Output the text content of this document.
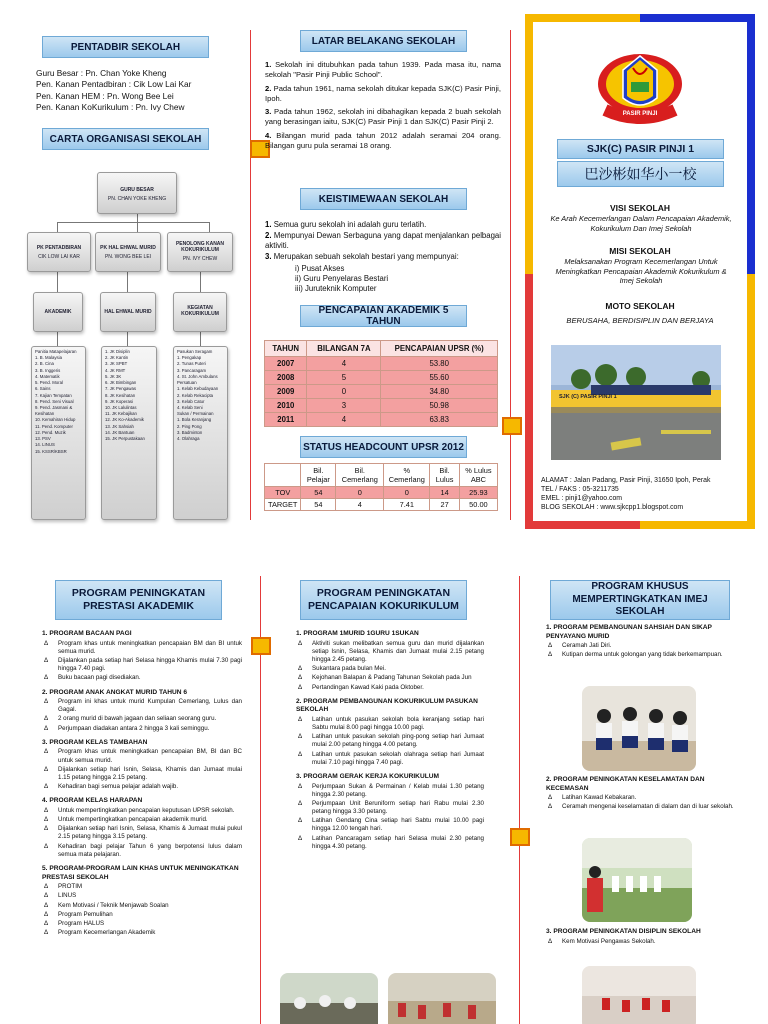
PENTADBIR SEKOLAH
Guru Besar : Pn. Chan Yoke Kheng
Pen. Kanan Pentadbiran : Cik Low Lai Kar
Pen. Kanan HEM : Pn. Wong Bee Lei
Pen. Kanan KoKurikulum : Pn. Ivy Chew
CARTA ORGANISASI SEKOLAH
GURU BESAR
PN. CHAN YOKE KHENG
PK PENTADBIRAN
CIK LOW LAI KAR
PK HAL EHWAL MURID
PN. WONG BEE LEI
PENOLONG KANAN KOKURIKULUM
PN. IVY CHEW
AKADEMIK	HAL EHWAL MURID
KEGIATAN KOKURIKULUM
Panitia Matapelajaran
1. B. Malaysia
2. B. Cina
3. B. Inggeris
4. Matematik
5. Pend. Moral
6. Sains
7. Kajian Tempatan
8. Pend. Seni Visual
9. Pend. Jasmani & Kesihatan
10. Kemahiran Hidup
11. Pend. Komputer
12. Pend. Muzik
13. PSV
14. LINUS
15. KSSR/KBSR
1. JK Disiplin
2. JK Kantin
3. JK SPBT
4. JK RMT
5. JK 3K
6. JK Bimbingan
7. JK Pengawas
8. JK Kesihatan
9. JK Koperasi
10. JK Lalulintas
11. JK Kebajikan
12. JK Ko-Akademik
13. JK Sahsiah
14. JK Bantuan
15. JK Perpustakaan
Pasukan Seragam
1. Pengakap
2. Tunas Puteri
3. Pancaragam
4. St. John Ambulans
Persatuan
1. Kelab Kebudayaan
2. Kelab Rekacipta
3. Kelab Catur
4. Kelab Seni
Sukan / Permainan
1. Bola Keranjang
2. Ping Pong
3. Badminton
4. Olahraga
LATAR BELAKANG SEKOLAH
1. Sekolah ini ditubuhkan pada tahun 1939. Pada masa itu, nama sekolah "Pasir Pinji Public School".
2. Pada tahun 1961, nama sekolah ditukar kepada SJK(C) Pasir Pinji, Ipoh.
3. Pada tahun 1962, sekolah ini dibahagikan kepada 2 buah sekolah yang berasingan iaitu, SJK(C) Pasir Pinji 1 dan SJK(C) Pasir Pinji 2.
4. Bilangan murid pada tahun 2012 adalah seramai 204 orang. Bilangan guru pula seramai 18 orang.
KEISTIMEWAAN SEKOLAH
1. Semua guru sekolah ini adalah guru terlatih.
2. Mempunyai Dewan Serbaguna yang dapat menjalankan pelbagai aktiviti.
3. Merupakan sebuah sekolah bestari yang mempunyai:
i) Pusat Akses
ii) Guru Penyelaras Bestari
iii) Juruteknik Komputer
PENCAPAIAN AKADEMIK 5 TAHUN
TAHUN	BILANGAN 7A	PENCAPAIAN UPSR (%)
2007	4	53.80
2008	5	55.60
2009	0	34.80
2010	3	50.98
2011	4	63.83
STATUS HEADCOUNT UPSR 2012
	Bil. Pelajar	Bil. Cemerlang	% Cemerlang	Bil. Lulus	% Lulus ABC
TOV	54	0	0	14	25.93
TARGET	54	4	7.41	27	50.00
PASIR PINJI
SJK(C) PASIR PINJI 1
巴沙彬如华小一校
VISI SEKOLAH
Ke Arah Kecemerlangan Dalam Pencapaian Akademik, Kokurikulum Dan Imej Sekolah
MISI SEKOLAH
Melaksanakan Program Kecemerlangan Untuk Meningkatkan Pencapaian Akademik Kokurikulum & Imej Sekolah
MOTO SEKOLAH
BERUSAHA, BERDISIPLIN DAN BERJAYA
SJK (C) PASIR PINJI 1
ALAMAT : Jalan Padang, Pasir Pinji, 31650 Ipoh, Perak
TEL / FAKS : 05-3211735
EMEL : pinji1@yahoo.com
BLOG SEKOLAH : www.sjkcpp1.blogspot.com
PROGRAM PENINGKATAN
PRESTASI AKADEMIK
1. PROGRAM BACAAN PAGI
Δ	Program khas untuk meningkatkan pencapaian BM dan BI untuk semua murid.
Δ	Dijalankan pada setiap hari Selasa hingga Khamis mulai 7.30 pagi hingga 7.40 pagi.
Δ	Buku bacaan pagi disediakan.
2. PROGRAM ANAK ANGKAT MURID TAHUN 6
Δ	Program ini khas untuk murid Kumpulan Cemerlang, Lulus dan Gagal.
Δ	2 orang murid di bawah jagaan dan seliaan seorang guru.
Δ	Perjumpaan diadakan antara 2 hingga 3 kali seminggu.
3. PROGRAM KELAS TAMBAHAN
Δ	Program khas untuk meningkatkan pencapaian BM, BI dan BC untuk semua murid.
Δ	Dijalankan setiap hari Isnin, Selasa, Khamis dan Jumaat mulai 1.15 petang hingga 2.15 petang.
Δ	Kehadiran bagi semua pelajar adalah wajib.
4. PROGRAM KELAS HARAPAN
Δ	Untuk mempertingkatkan pencapaian keputusan UPSR sekolah.
Δ	Untuk mempertingkatkan pencapaian akademik murid.
Δ	Dijalankan setiap hari Isnin, Selasa, Khamis & Jumaat mulai pukul 2.15 petang hingga 3.15 petang.
Δ	Kehadiran bagi pelajar Tahun 6 yang berpotensi lulus dalam semua mata pelajaran.
5. PROGRAM-PROGRAM LAIN KHAS UNTUK MENINGKATKAN PRESTASI SEKOLAH
Δ	PROTIM
Δ	LINUS
Δ	Kem Motivasi / Teknik Menjawab Soalan
Δ	Program Pemulihan
Δ	Program HALUS
Δ	Program Kecemerlangan Akademik
PROGRAM PENINGKATAN
PENCAPAIAN KOKURIKULUM
1. PROGRAM 1MURID 1GURU 1SUKAN
Δ	Aktiviti sukan melibatkan semua guru dan murid dijalankan setiap Isnin, Selasa, Khamis dan Jumaat mulai 2.15 petang hingga 2.45 petang.
Δ	Sukantara pada bulan Mei.
Δ	Kejohanan Balapan & Padang Tahunan Sekolah pada Jun
Δ	Pertandingan Kawad Kaki pada Oktober.
2. PROGRAM PEMBANGUNAN KOKURIKULUM PASUKAN SEKOLAH
Δ	Latihan untuk pasukan sekolah bola keranjang setiap hari Sabtu mulai 8.00 pagi hingga 10.00 pagi.
Δ	Latihan untuk pasukan sekolah ping-pong setiap hari Jumaat mulai 2.00 petang hingga 4.00 petang.
Δ	Latihan untuk pasukan sekolah olahraga setiap hari Jumaat mulai 7.10 pagi hingga 7.40 pagi.
3. PROGRAM GERAK KERJA KOKURIKULUM
Δ	Perjumpaan Sukan & Permainan / Kelab mulai 1.30 petang hingga 2.30 petang.
Δ	Perjumpaan Unit Beruniform setiap hari Rabu mulai 2.30 petang hingga 3.30 petang.
Δ	Latihan Gendang Cina setiap hari Sabtu mulai 10.00 pagi hingga 12.00 tengah hari.
Δ	Latihan Pancaragam setiap hari Selasa mulai 2.30 petang hingga 4.30 petang.
PROGRAM KHUSUS
MEMPERTINGKATKAN IMEJ SEKOLAH
1. PROGRAM PEMBANGUNAN SAHSIAH DAN SIKAP PENYAYANG MURID
Δ	Ceramah Jati Diri.
Δ	Kutipan derma untuk golongan yang tidak berkemampuan.
2. PROGRAM PENINGKATAN KESELAMATAN DAN KECEMASAN
Δ	Latihan Kawad Kebakaran.
Δ	Ceramah mengenai keselamatan di dalam dan di luar sekolah.
3. PROGRAM PENINGKATAN DISIPLIN SEKOLAH
Δ	Kem Motivasi Pengawas Sekolah.
